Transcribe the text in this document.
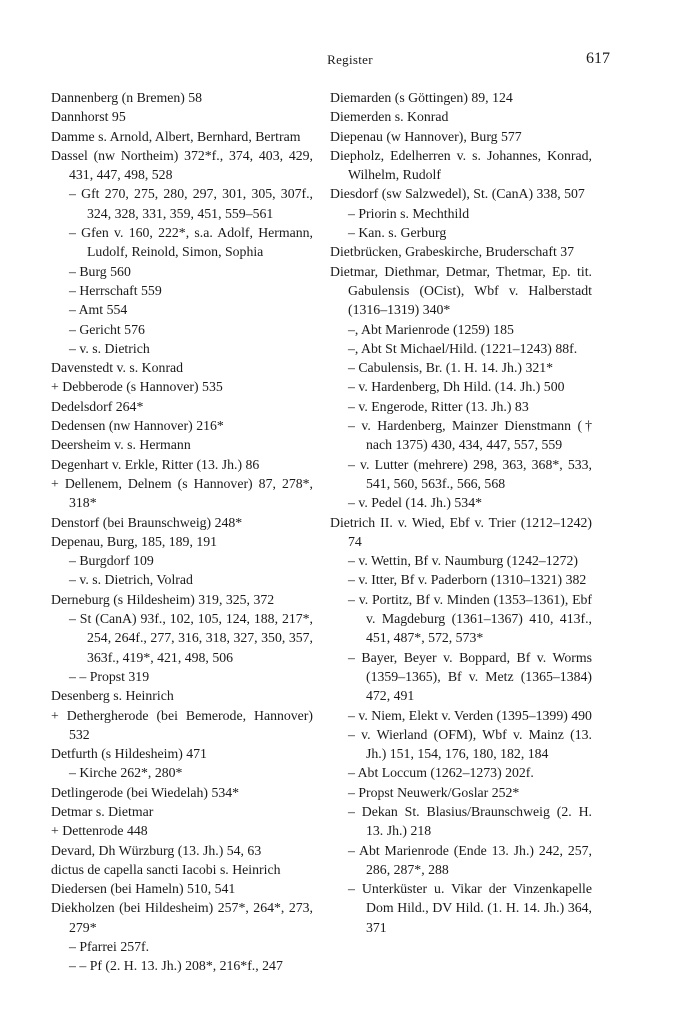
Register	617
Dannenberg (n Bremen) 58
Dannhorst 95
Damme s. Arnold, Albert, Bernhard, Bertram
Dassel (nw Northeim) 372*f., 374, 403, 429, 431, 447, 498, 528
– Gft 270, 275, 280, 297, 301, 305, 307f., 324, 328, 331, 359, 451, 559–561
– Gfen v. 160, 222*, s.a. Adolf, Hermann, Ludolf, Reinold, Simon, Sophia
– Burg 560
– Herrschaft 559
– Amt 554
– Gericht 576
– v. s. Dietrich
Davenstedt v. s. Konrad
+ Debberode (s Hannover) 535
Dedelsdorf 264*
Dedensen (nw Hannover) 216*
Deersheim v. s. Hermann
Degenhart v. Erkle, Ritter (13. Jh.) 86
+ Dellenem, Delnem (s Hannover) 87, 278*, 318*
Denstorf (bei Braunschweig) 248*
Depenau, Burg, 185, 189, 191
– Burgdorf 109
– v. s. Dietrich, Volrad
Derneburg (s Hildesheim) 319, 325, 372
– St (CanA) 93f., 102, 105, 124, 188, 217*, 254, 264f., 277, 316, 318, 327, 350, 357, 363f., 419*, 421, 498, 506
– – Propst 319
Desenberg s. Heinrich
+ Dethergherode (bei Bemerode, Hannover) 532
Detfurth (s Hildesheim) 471
– Kirche 262*, 280*
Detlingerode (bei Wiedelah) 534*
Detmar s. Dietmar
+ Dettenrode 448
Devard, Dh Würzburg (13. Jh.) 54, 63
dictus de capella sancti Iacobi s. Heinrich
Diedersen (bei Hameln) 510, 541
Diekholzen (bei Hildesheim) 257*, 264*, 273, 279*
– Pfarrei 257f.
– – Pf (2. H. 13. Jh.) 208*, 216*f., 247
Diemarden (s Göttingen) 89, 124
Diemerden s. Konrad
Diepenau (w Hannover), Burg 577
Diepholz, Edelherren v. s. Johannes, Konrad, Wilhelm, Rudolf
Diesdorf (sw Salzwedel), St. (CanA) 338, 507
– Priorin s. Mechthild
– Kan. s. Gerburg
Dietbrücken, Grabeskirche, Bruderschaft 37
Dietmar, Diethmar, Detmar, Thetmar, Ep. tit. Gabulensis (OCist), Wbf v. Halberstadt (1316–1319) 340*
–, Abt Marienrode (1259) 185
–, Abt St Michael/Hild. (1221–1243) 88f.
– Cabulensis, Br. (1. H. 14. Jh.) 321*
– v. Hardenberg, Dh Hild. (14. Jh.) 500
– v. Engerode, Ritter (13. Jh.) 83
– v. Hardenberg, Mainzer Dienstmann († nach 1375) 430, 434, 447, 557, 559
– v. Lutter (mehrere) 298, 363, 368*, 533, 541, 560, 563f., 566, 568
– v. Pedel (14. Jh.) 534*
Dietrich II. v. Wied, Ebf v. Trier (1212–1242) 74
– v. Wettin, Bf v. Naumburg (1242–1272)
– v. Itter, Bf v. Paderborn (1310–1321) 382
– v. Portitz, Bf v. Minden (1353–1361), Ebf v. Magdeburg (1361–1367) 410, 413f., 451, 487*, 572, 573*
– Bayer, Beyer v. Boppard, Bf v. Worms (1359–1365), Bf v. Metz (1365–1384) 472, 491
– v. Niem, Elekt v. Verden (1395–1399) 490
– v. Wierland (OFM), Wbf v. Mainz (13. Jh.) 151, 154, 176, 180, 182, 184
– Abt Loccum (1262–1273) 202f.
– Propst Neuwerk/Goslar 252*
– Dekan St. Blasius/Braunschweig (2. H. 13. Jh.) 218
– Abt Marienrode (Ende 13. Jh.) 242, 257, 286, 287*, 288
– Unterküster u. Vikar der Vinzenkapelle Dom Hild., DV Hild. (1. H. 14. Jh.) 364, 371
